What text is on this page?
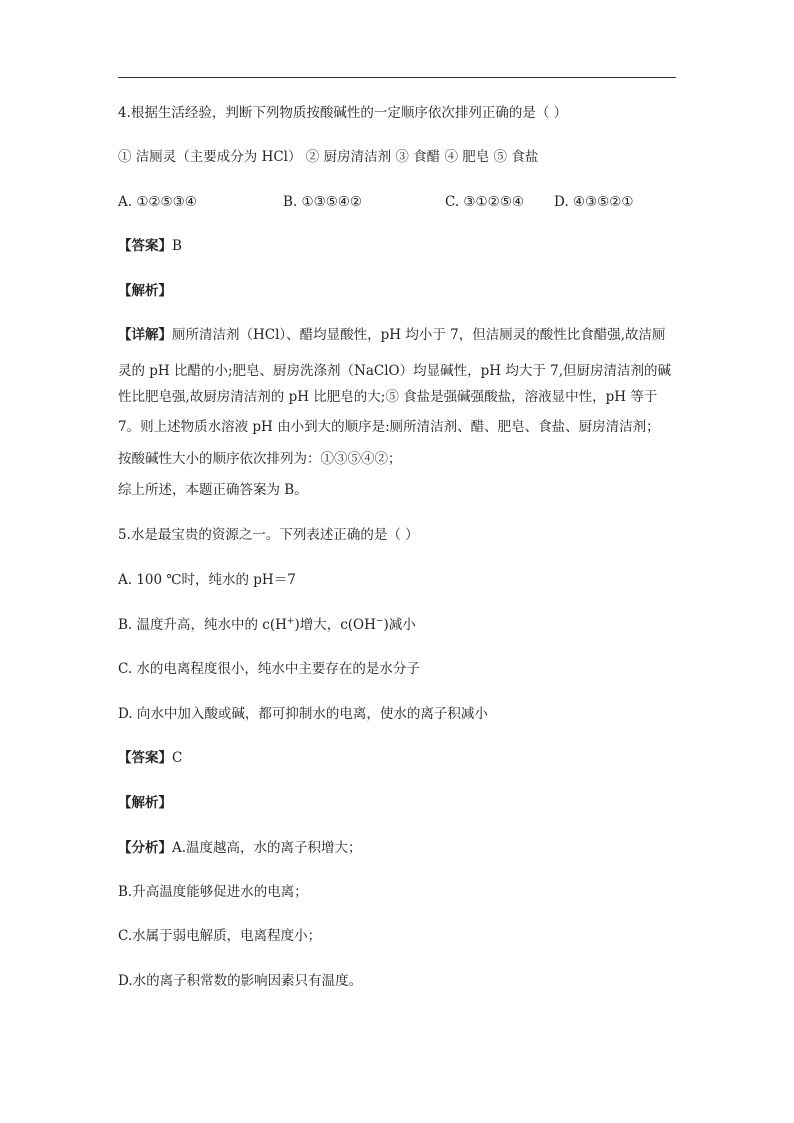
4.根据生活经验，判断下列物质按酸碱性的一定顺序依次排列正确的是（ ）
① 洁厕灵（主要成分为 HCl） ② 厨房清洁剂 ③ 食醋 ④ 肥皂 ⑤ 食盐
A. ①②⑤③④	B. ①③⑤④②	C. ③①②⑤④ D. ④③⑤②①
【答案】B
【解析】
【详解】厕所清洁剂（HCl）、醋均显酸性，pH 均小于 7，但洁厕灵的酸性比食醋强,故洁厕
灵的 pH 比醋的小;肥皂、厨房洗涤剂（NaClO）均显碱性，pH 均大于 7,但厨房清洁剂的碱
性比肥皂强,故厨房清洁剂的 pH 比肥皂的大;⑤ 食盐是强碱强酸盐，溶液显中性，pH 等于
7。则上述物质水溶液 pH 由小到大的顺序是:厕所清洁剂、醋、肥皂、食盐、厨房清洁剂；
按酸碱性大小的顺序依次排列为：①③⑤④②；
综上所述，本题正确答案为 B。
5.水是最宝贵的资源之一。下列表述正确的是（ ）
A. 100 ℃时，纯水的 pH＝7
B. 温度升高，纯水中的 c(H+)增大，c(OH−)减小
C. 水的电离程度很小，纯水中主要存在的是水分子
D. 向水中加入酸或碱，都可抑制水的电离，使水的离子积减小
【答案】C
【解析】
【分析】A.温度越高，水的离子积增大；
B.升高温度能够促进水的电离；
C.水属于弱电解质，电离程度小；
D.水的离子积常数的影响因素只有温度。
